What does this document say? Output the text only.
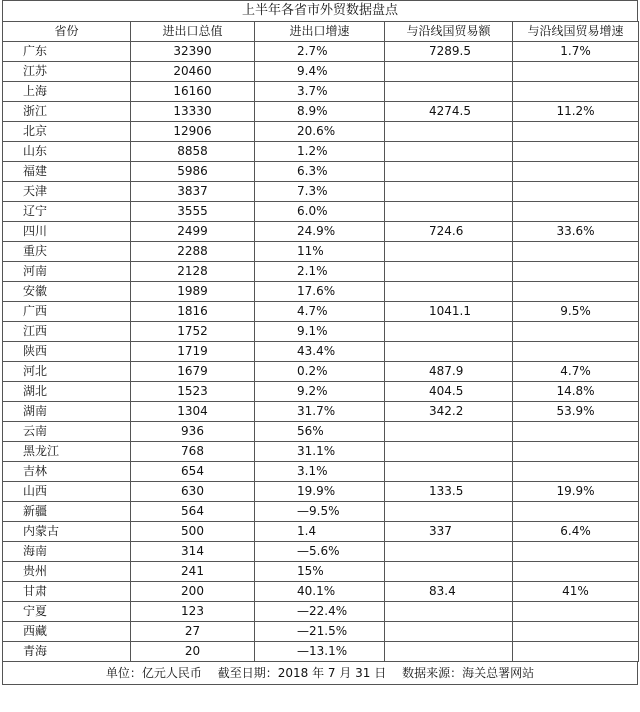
上半年各省市外贸数据盘点
省份	进出口总值	进出口增速	与沿线国贸易额	与沿线国贸易增速
广东	32390	2.7%	7289.5	1.7%
江苏	20460	9.4%		
上海	16160	3.7%		
浙江	13330	8.9%	4274.5	11.2%
北京	12906	20.6%		
山东	8858	1.2%		
福建	5986	6.3%		
天津	3837	7.3%		
辽宁	3555	6.0%		
四川	2499	24.9%	724.6	33.6%
重庆	2288	11%		
河南	2128	2.1%		
安徽	1989	17.6%		
广西	1816	4.7%	1041.1	9.5%
江西	1752	9.1%		
陕西	1719	43.4%		
河北	1679	0.2%	487.9	4.7%
湖北	1523	9.2%	404.5	14.8%
湖南	1304	31.7%	342.2	53.9%
云南	936	56%		
黑龙江	768	31.1%		
吉林	654	3.1%		
山西	630	19.9%	133.5	19.9%
新疆	564	—9.5%		
内蒙古	500	1.4	337	6.4%
海南	314	—5.6%		
贵州	241	15%		
甘肃	200	40.1%	83.4	41%
宁夏	123	—22.4%		
西藏	27	—21.5%		
青海	20	—13.1%		
单位：亿元人民币 截至日期：2018 年 7 月 31 日 数据来源：海关总署网站
